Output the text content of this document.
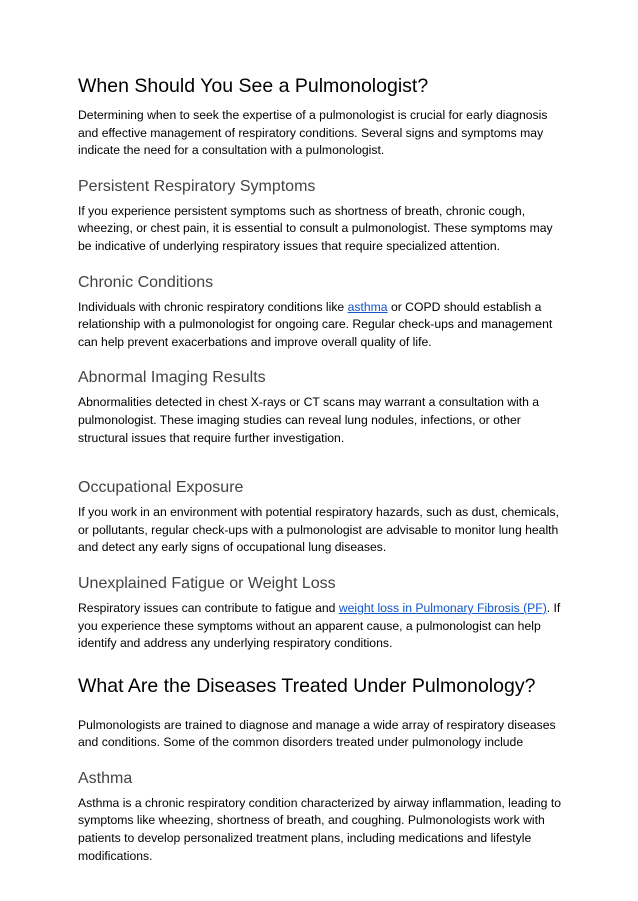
When Should You See a Pulmonologist?

Determining when to seek the expertise of a pulmonologist is crucial for early diagnosis and effective management of respiratory conditions. Several signs and symptoms may indicate the need for a consultation with a pulmonologist.

Persistent Respiratory Symptoms

If you experience persistent symptoms such as shortness of breath, chronic cough, wheezing, or chest pain, it is essential to consult a pulmonologist. These symptoms may be indicative of underlying respiratory issues that require specialized attention.

Chronic Conditions

Individuals with chronic respiratory conditions like asthma or COPD should establish a relationship with a pulmonologist for ongoing care. Regular check-ups and management can help prevent exacerbations and improve overall quality of life.

Abnormal Imaging Results

Abnormalities detected in chest X-rays or CT scans may warrant a consultation with a pulmonologist. These imaging studies can reveal lung nodules, infections, or other structural issues that require further investigation.

Occupational Exposure

If you work in an environment with potential respiratory hazards, such as dust, chemicals, or pollutants, regular check-ups with a pulmonologist are advisable to monitor lung health and detect any early signs of occupational lung diseases.

Unexplained Fatigue or Weight Loss

Respiratory issues can contribute to fatigue and weight loss in Pulmonary Fibrosis (PF). If you experience these symptoms without an apparent cause, a pulmonologist can help identify and address any underlying respiratory conditions.

What Are the Diseases Treated Under Pulmonology?

Pulmonologists are trained to diagnose and manage a wide array of respiratory diseases and conditions. Some of the common disorders treated under pulmonology include

Asthma

Asthma is a chronic respiratory condition characterized by airway inflammation, leading to symptoms like wheezing, shortness of breath, and coughing. Pulmonologists work with patients to develop personalized treatment plans, including medications and lifestyle modifications.
